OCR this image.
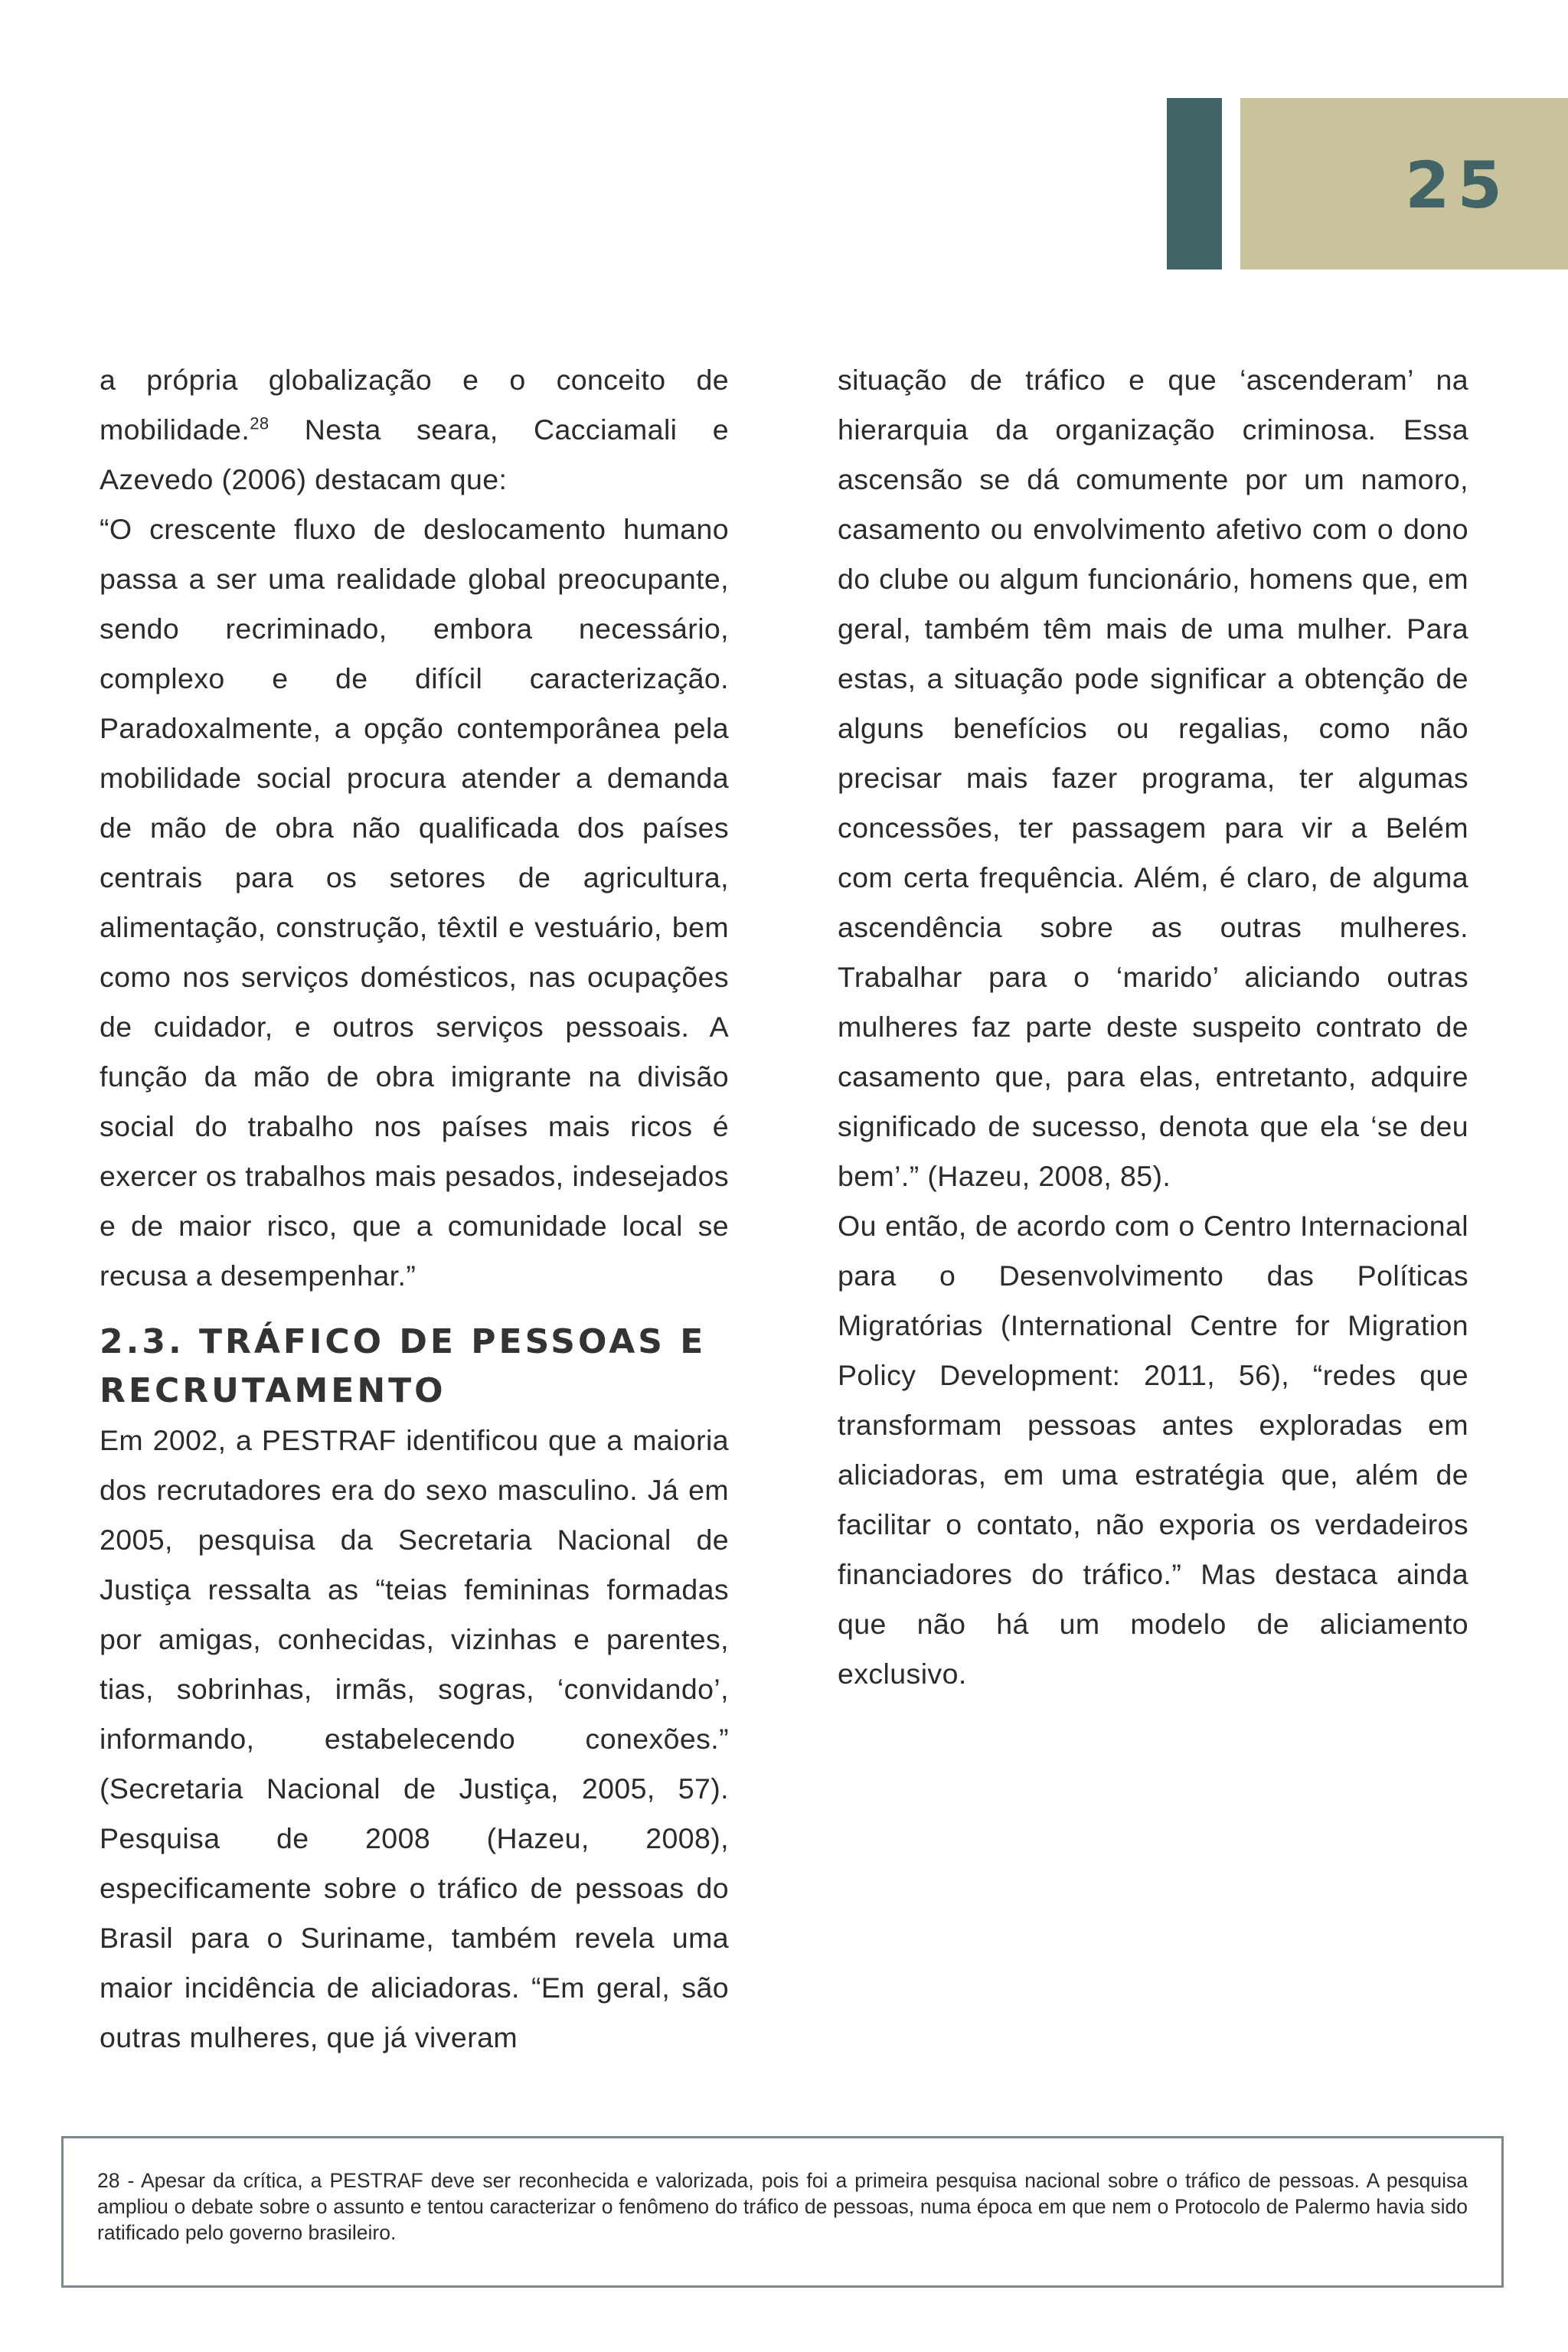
25

a própria globalização e o conceito de mobilidade.$^{28}$ Nesta seara, Cacciamali e Azevedo (2006) destacam que:

“O crescente fluxo de deslocamento humano passa a ser uma realidade global preocupante, sendo recriminado, embora necessário, complexo e de difícil caracterização. Paradoxalmente, a opção contemporânea pela mobilidade social procura atender a demanda de mão de obra não qualificada dos países centrais para os setores de agricultura, alimentação, construção, têxtil e vestuário, bem como nos serviços domésticos, nas ocupações de cuidador, e outros serviços pessoais. A função da mão de obra imigrante na divisão social do trabalho nos países mais ricos é exercer os trabalhos mais pesados, indesejados e de maior risco, que a comunidade local se recusa a desempenhar.”

2.3. TRÁFICO DE PESSOAS E
RECRUTAMENTO

Em 2002, a PESTRAF identificou que a maioria dos recrutadores era do sexo masculino. Já em 2005, pesquisa da Secretaria Nacional de Justiça ressalta as “teias femininas formadas por amigas, conhecidas, vizinhas e parentes, tias, sobrinhas, irmãs, sogras, ‘convidando’, informando, estabelecendo conexões.” (Secretaria Nacional de Justiça, 2005, 57). Pesquisa de 2008 (Hazeu, 2008), especificamente sobre o tráfico de pessoas do Brasil para o Suriname, também revela uma maior incidência de aliciadoras. “Em geral, são outras mulheres, que já viveram

situação de tráfico e que ‘ascenderam’ na hierarquia da organização criminosa. Essa ascensão se dá comumente por um namoro, casamento ou envolvimento afetivo com o dono do clube ou algum funcionário, homens que, em geral, também têm mais de uma mulher. Para estas, a situação pode significar a obtenção de alguns benefícios ou regalias, como não precisar mais fazer programa, ter algumas concessões, ter passagem para vir a Belém com certa frequência. Além, é claro, de alguma ascendência sobre as outras mulheres. Trabalhar para o ‘marido’ aliciando outras mulheres faz parte deste suspeito contrato de casamento que, para elas, entretanto, adquire significado de sucesso, denota que ela ‘se deu bem’.” (Hazeu, 2008, 85).

Ou então, de acordo com o Centro Internacional para o Desenvolvimento das Políticas Migratórias (International Centre for Migration Policy Development: 2011, 56), “redes que transformam pessoas antes exploradas em aliciadoras, em uma estratégia que, além de facilitar o contato, não exporia os verdadeiros financiadores do tráfico.” Mas destaca ainda que não há um modelo de aliciamento exclusivo.

28 - Apesar da crítica, a PESTRAF deve ser reconhecida e valorizada, pois foi a primeira pesquisa nacional sobre o tráfico de pessoas. A pesquisa ampliou o debate sobre o assunto e tentou caracterizar o fenômeno do tráfico de pessoas, numa época em que nem o Protocolo de Palermo havia sido ratificado pelo governo brasileiro.
